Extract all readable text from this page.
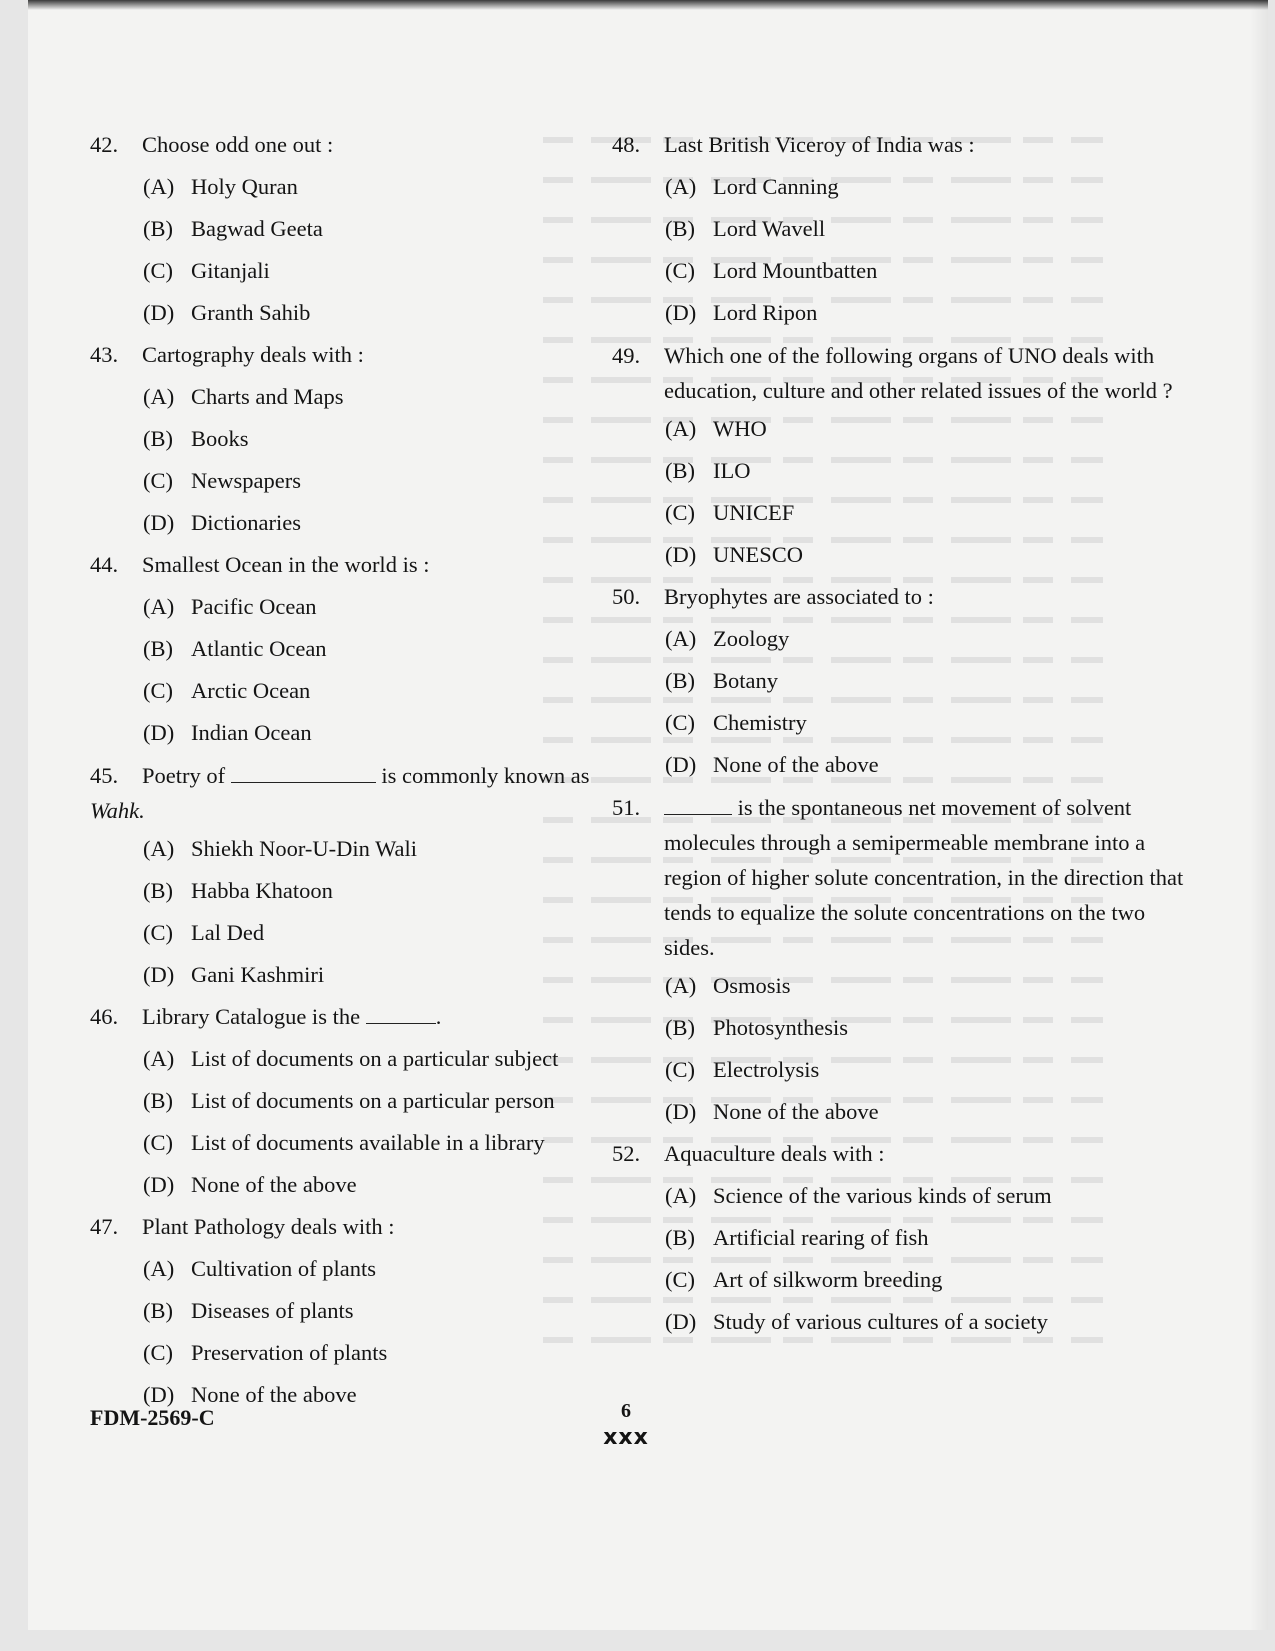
42.	Choose odd one out :
(A) Holy Quran
(B) Bagwad Geeta
(C) Gitanjali
(D) Granth Sahib
43.	Cartography deals with :
(A) Charts and Maps
(B) Books
(C) Newspapers
(D) Dictionaries
44.	Smallest Ocean in the world is :
(A) Pacific Ocean
(B) Atlantic Ocean
(C) Arctic Ocean
(D) Indian Ocean
45.	Poetry of	is commonly known as
Wahk.
(A) Shiekh Noor-U-Din Wali
(B) Habba Khatoon
(C) Lal Ded
(D) Gani Kashmiri
46.	Library Catalogue is the	.
(A) List of documents on a particular subject
(B) List of documents on a particular person
(C) List of documents available in a library
(D) None of the above
47.	Plant Pathology deals with :
(A) Cultivation of plants
(B) Diseases of plants
(C) Preservation of plants
(D) None of the above
48.	Last British Viceroy of India was :
(A) Lord Canning
(B) Lord Wavell
(C) Lord Mountbatten
(D) Lord Ripon
49.	Which one of the following organs of UNO deals with education, culture and other related issues of the world ?
(A) WHO
(B) ILO
(C) UNICEF
(D) UNESCO
50.	Bryophytes are associated to :
(A) Zoology
(B) Botany
(C) Chemistry
(D) None of the above
51.	is the spontaneous net movement of solvent molecules through a semipermeable membrane into a region of higher solute concentration, in the direction that tends to equalize the solute concentrations on the two sides.
(A) Osmosis
(B) Photosynthesis
(C) Electrolysis
(D) None of the above
52.	Aquaculture deals with :
(A) Science of the various kinds of serum
(B) Artificial rearing of fish
(C) Art of silkworm breeding
(D) Study of various cultures of a society
FDM-2569-C	6
xxx
